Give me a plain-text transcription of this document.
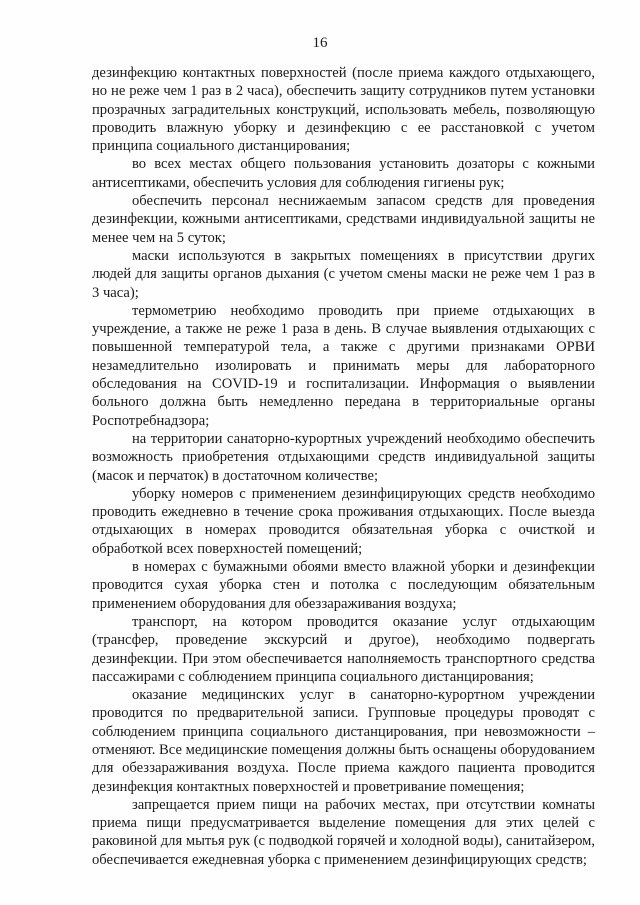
16

дезинфекцию контактных поверхностей (после приема каждого отдыхающего, но не реже чем 1 раз в 2 часа), обеспечить защиту сотрудников путем установки прозрачных заградительных конструкций, использовать мебель, позволяющую проводить влажную уборку и дезинфекцию с ее расстановкой с учетом принципа социального дистанцирования;

во всех местах общего пользования установить дозаторы с кожными антисептиками, обеспечить условия для соблюдения гигиены рук;

обеспечить персонал неснижаемым запасом средств для проведения дезинфекции, кожными антисептиками, средствами индивидуальной защиты не менее чем на 5 суток;

маски используются в закрытых помещениях в присутствии других людей для защиты органов дыхания (с учетом смены маски не реже чем 1 раз в 3 часа);

термометрию необходимо проводить при приеме отдыхающих в учреждение, а также не реже 1 раза в день. В случае выявления отдыхающих с повышенной температурой тела, а также с другими признаками ОРВИ незамедлительно изолировать и принимать меры для лабораторного обследования на COVID-19 и госпитализации. Информация о выявлении больного должна быть немедленно передана в территориальные органы Роспотребнадзора;

на территории санаторно-курортных учреждений необходимо обеспечить возможность приобретения отдыхающими средств индивидуальной защиты (масок и перчаток) в достаточном количестве;

уборку номеров с применением дезинфицирующих средств необходимо проводить ежедневно в течение срока проживания отдыхающих. После выезда отдыхающих в номерах проводится обязательная уборка с очисткой и обработкой всех поверхностей помещений;

в номерах с бумажными обоями вместо влажной уборки и дезинфекции проводится сухая уборка стен и потолка с последующим обязательным применением оборудования для обеззараживания воздуха;

транспорт, на котором проводится оказание услуг отдыхающим (трансфер, проведение экскурсий и другое), необходимо подвергать дезинфекции. При этом обеспечивается наполняемость транспортного средства пассажирами с соблюдением принципа социального дистанцирования;

оказание медицинских услуг в санаторно-курортном учреждении проводится по предварительной записи. Групповые процедуры проводят с соблюдением принципа социального дистанцирования, при невозможности – отменяют. Все медицинские помещения должны быть оснащены оборудованием для обеззараживания воздуха. После приема каждого пациента проводится дезинфекция контактных поверхностей и проветривание помещения;

запрещается прием пищи на рабочих местах, при отсутствии комнаты приема пищи предусматривается выделение помещения для этих целей с раковиной для мытья рук (с подводкой горячей и холодной воды), санитайзером, обеспечивается ежедневная уборка с применением дезинфицирующих средств;
